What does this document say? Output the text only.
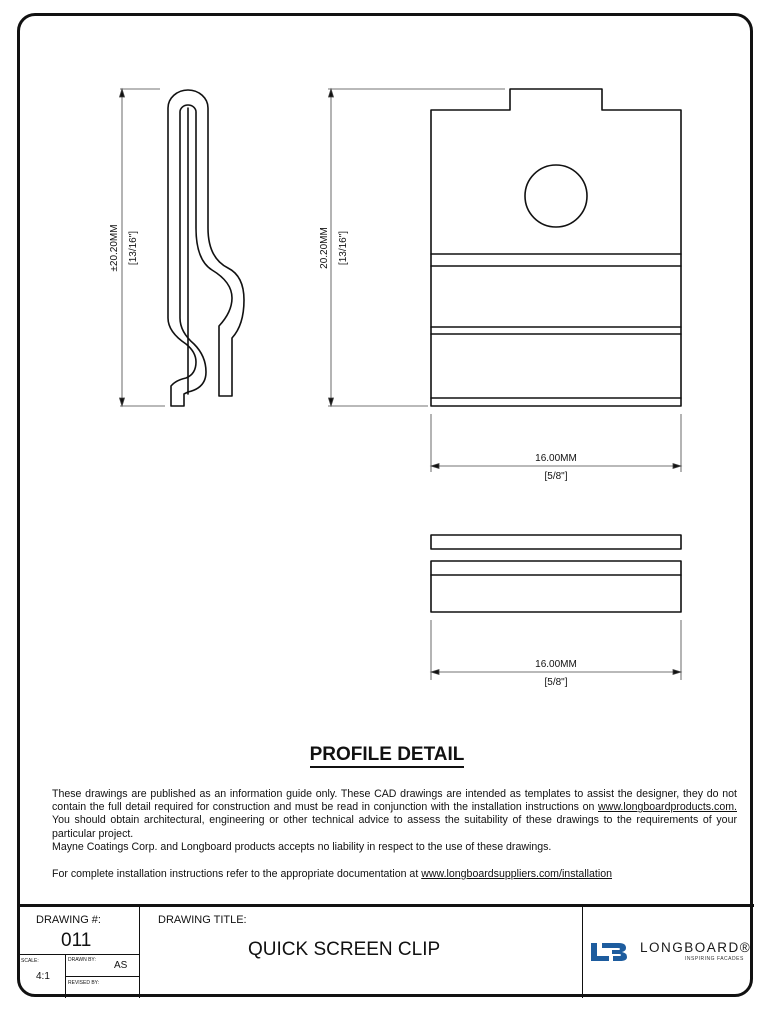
±20.20MM [13/16"]	20.20MM [13/16"]
16.00MM
[5/8"]
16.00MM
[5/8"]
PROFILE DETAIL

These drawings are published as an information guide only. These CAD drawings are intended as templates to assist the designer, they do not contain the full detail required for construction and must be read in conjunction with the installation instructions on www.longboardproducts.com. You should obtain architectural, engineering or other technical advice to assess the suitability of these drawings to the requirements of your particular project.

Mayne Coatings Corp. and Longboard products accepts no liability in respect to the use of these drawings.

For complete installation instructions refer to the appropriate documentation at www.longboardsuppliers.com/installation
DRAWING #:
011
SCALE:
4:1
DRAWN BY: AS
REVISED BY:
DRAWING TITLE:
QUICK SCREEN CLIP	LONGBOARD®
INSPIRING FACADES
